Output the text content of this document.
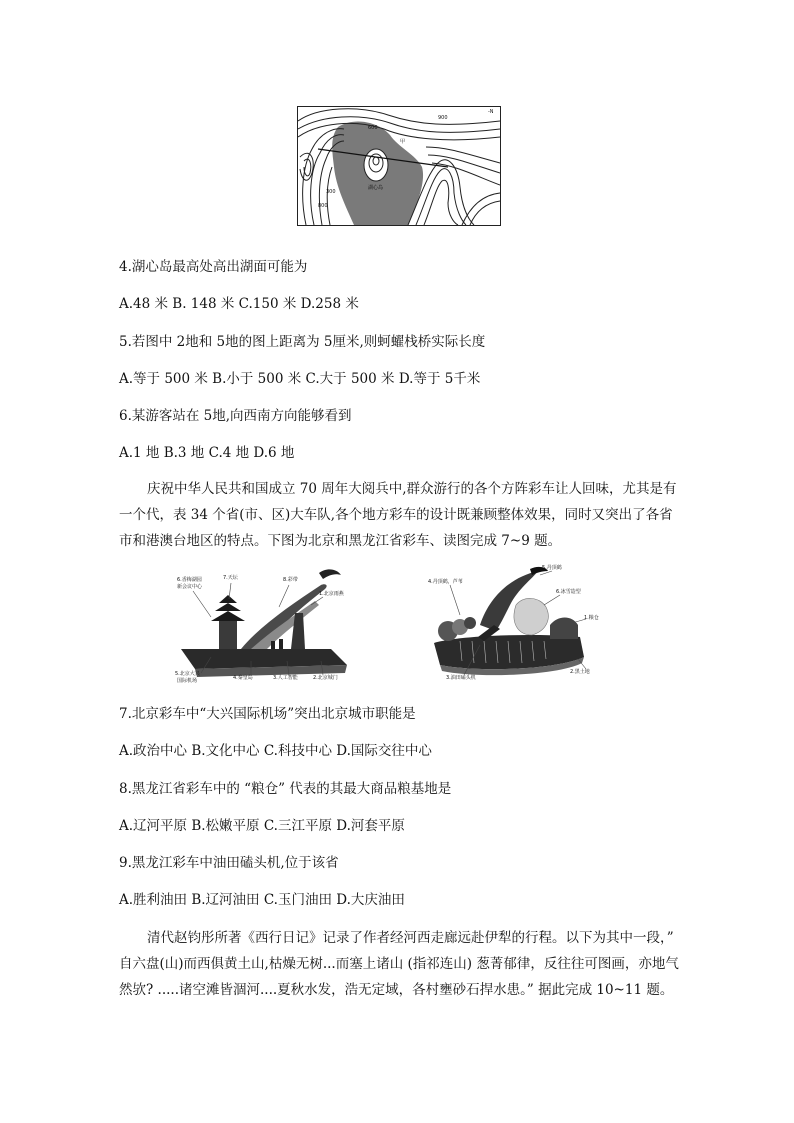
600
900
300
800
-N
甲
湖心岛
4.湖心岛最高处高出湖面可能为
A.48 米 B. 148 米 C.150 米 D.258 米
5.若图中 2地和 5地的图上距离为 5厘米,则蚵蠗栈桥实际长度
A.等于 500 米 B.小于 500 米 C.大于 500 米 D.等于 5千米
6.某游客站在 5地,向西南方向能够看到
A.1 地 B.3 地 C.4 地 D.6 地
庆祝中华人民共和国成立 70 周年大阅兵中,群众游行的各个方阵彩车让人回味，尤其是有一个代，表 34 个省(市、区)大车队,各个地方彩车的设计既兼顾整体效果，同时又突出了各省市和港澳台地区的特点。下图为北京和黑龙江省彩车、读图完成 7~9 题。
6.香梅湖园
新会议中心
7.天坛	8.彩带
1.北京雨燕
5.北京大兴
国际机场	4.秦皇岛	3.人工智能	2.北京城门
5.丹顶鹤
4.丹顶鹤，芦苇
6.冰雪造型
1.粮仓
2.黑土地
3.油田磕头机
7.北京彩车中“大兴国际机场”突出北京城市职能是
A.政治中心 B.文化中心 C.科技中心 D.国际交往中心
8.黑龙江省彩车中的 “粮仓” 代表的其最大商品粮基地是
A.辽河平原 B.松嫩平原 C.三江平原 D.河套平原
9.黑龙江彩车中油田磕头机,位于该省
A.胜利油田 B.辽河油田 C.玉门油田 D.大庆油田
清代赵钧彤所著《西行日记》记录了作者经河西走廊远赴伊犁的行程。以下为其中一段，” 自六盘(山)而西俱黄土山,枯燥无树...而塞上诸山 (指祁连山) 葱菁郁律，反往往可图画，亦地气然欤? .....诸空滩皆涸河....夏秋水发，浩无定域，各村壅砂石捍水患。” 据此完成 10~11 题。
